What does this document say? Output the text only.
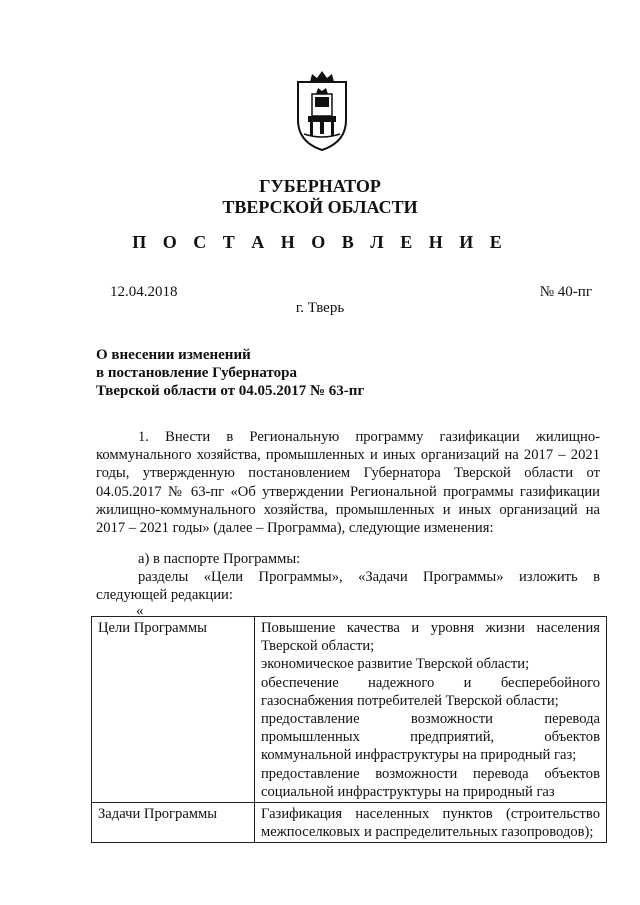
ГУБЕРНАТОР
ТВЕРСКОЙ ОБЛАСТИ
П О С Т А Н О В Л Е Н И Е
12.04.2018	№ 40-пг
г. Тверь
О внесении изменений
в постановление Губернатора
Тверской области от 04.05.2017 № 63-пг
1. Внести в Региональную программу газификации жилищно-коммунального хозяйства, промышленных и иных организаций на 2017 – 2021 годы, утвержденную постановлением Губернатора Тверской области от 04.05.2017 № 63-пг «Об утверждении Региональной программы газификации жилищно-коммунального хозяйства, промышленных и иных организаций на 2017 – 2021 годы» (далее – Программа), следующие изменения:
а) в паспорте Программы:
разделы «Цели Программы», «Задачи Программы» изложить в следующей редакции:
«
Цели Программы	Повышение качества и уровня жизни населения Тверской области;
экономическое развитие Тверской области;
обеспечение надежного и бесперебойного газоснабжения потребителей Тверской области;
предоставление возможности перевода промышленных предприятий, объектов коммунальной инфраструктуры на природный газ;
предоставление возможности перевода объектов социальной инфраструктуры на природный газ

Задачи Программы	Газификация населенных пунктов (строительство межпоселковых и распределительных газопроводов);
